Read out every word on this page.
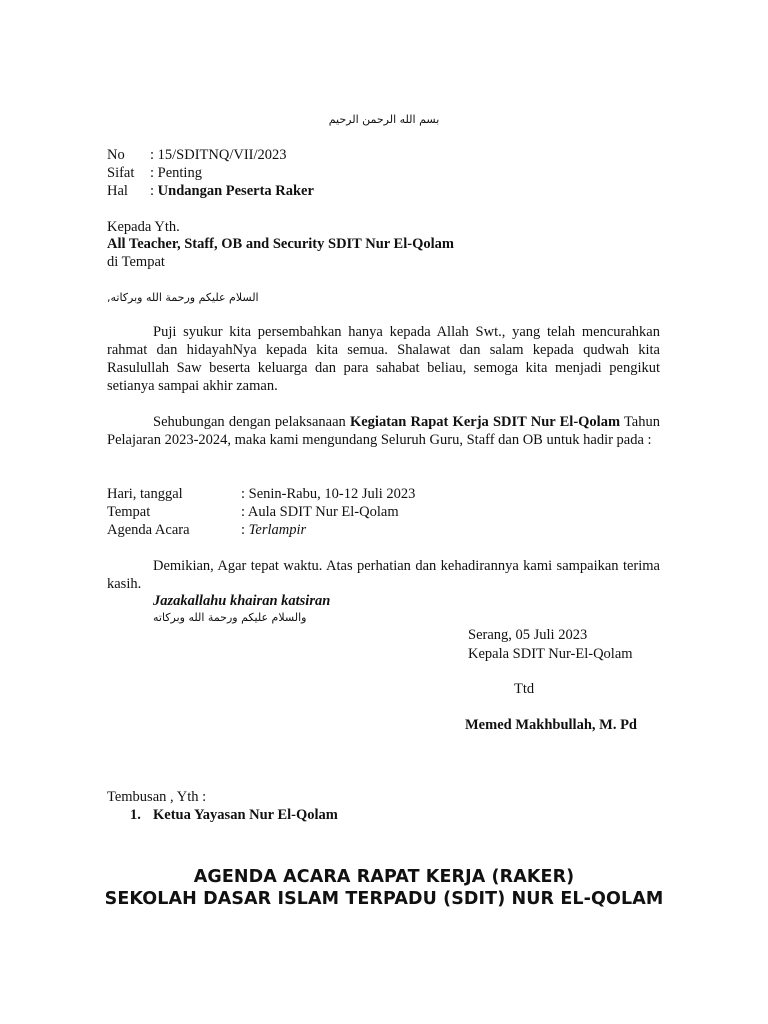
بسم الله الرحمن الرحيم
No : 15/SDITNQ/VII/2023
Sifat : Penting
Hal : Undangan Peserta Raker
Kepada Yth.
All Teacher, Staff, OB and Security SDIT Nur El-Qolam
di Tempat
السلام عليكم ورحمة الله وبركاته,
Puji syukur kita persembahkan hanya kepada Allah Swt., yang telah mencurahkan rahmat dan hidayahNya kepada kita semua. Shalawat dan salam kepada qudwah kita Rasulullah Saw beserta keluarga dan para sahabat beliau, semoga kita menjadi pengikut setianya sampai akhir zaman.
Sehubungan dengan pelaksanaan Kegiatan Rapat Kerja SDIT Nur El-Qolam Tahun Pelajaran 2023-2024, maka kami mengundang Seluruh Guru, Staff dan OB untuk hadir pada :
Hari, tanggal	: Senin-Rabu, 10-12 Juli 2023
Tempat	: Aula SDIT Nur El-Qolam
Agenda Acara	: Terlampir
Demikian, Agar tepat waktu. Atas perhatian dan kehadirannya kami sampaikan terima kasih.
Jazakallahu khairan katsiran
والسلام عليكم ورحمة الله وبركاته
Serang, 05 Juli 2023
Kepala SDIT Nur-El-Qolam
Ttd
Memed Makhbullah, M. Pd
Tembusan , Yth :
1. Ketua Yayasan Nur El-Qolam
AGENDA ACARA RAPAT KERJA (RAKER)
SEKOLAH DASAR ISLAM TERPADU (SDIT) NUR EL-QOLAM
